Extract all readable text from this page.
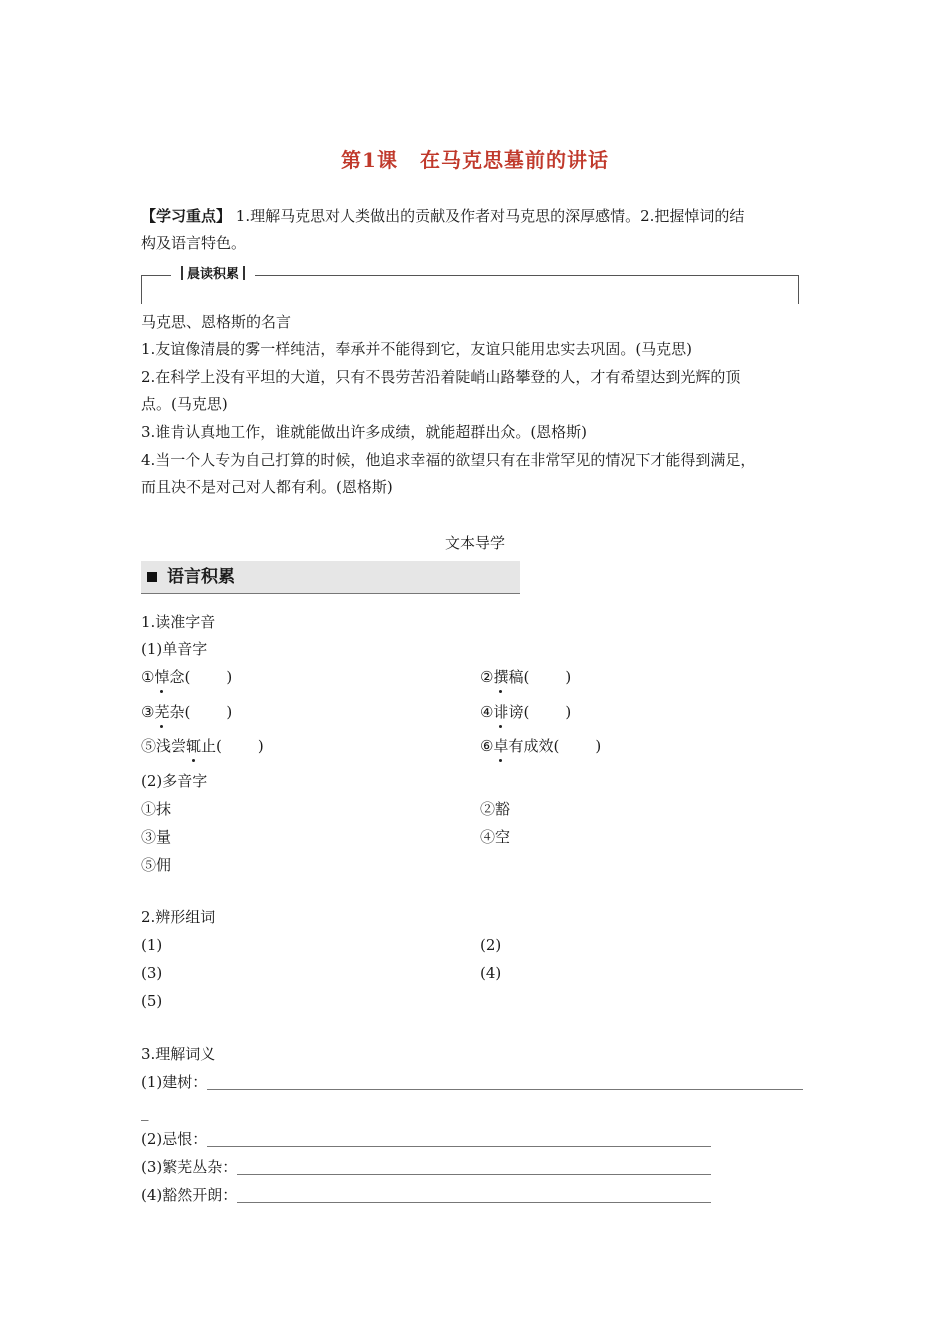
第1课 在马克思墓前的讲话
【学习重点】 1.理解马克思对人类做出的贡献及作者对马克思的深厚感情。2.把握悼词的结
构及语言特色。
晨读积累
马克思、恩格斯的名言
1.友谊像清晨的雾一样纯洁，奉承并不能得到它，友谊只能用忠实去巩固。(马克思)
2.在科学上没有平坦的大道，只有不畏劳苦沿着陡峭山路攀登的人，才有希望达到光辉的顶
点。(马克思)
3.谁肯认真地工作，谁就能做出许多成绩，就能超群出众。(恩格斯)
4.当一个人专为自己打算的时候，他追求幸福的欲望只有在非常罕见的情况下才能得到满足，
而且决不是对己对人都有利。(恩格斯)
文本导学
语言积累
1.读准字音
(1)单音字
①悼念( )	②撰稿( )
③芜杂( )	④诽谤( )
⑤浅尝辄止( )	⑥卓有成效( )
(2)多音字
①抹	②豁
③量	④空
⑤佣
2.辨形组词
(1)	(2)
(3)	(4)
(5)
3.理解词义
(1)建树：
_
(2)忌恨：
(3)繁芜丛杂：
(4)豁然开朗：
